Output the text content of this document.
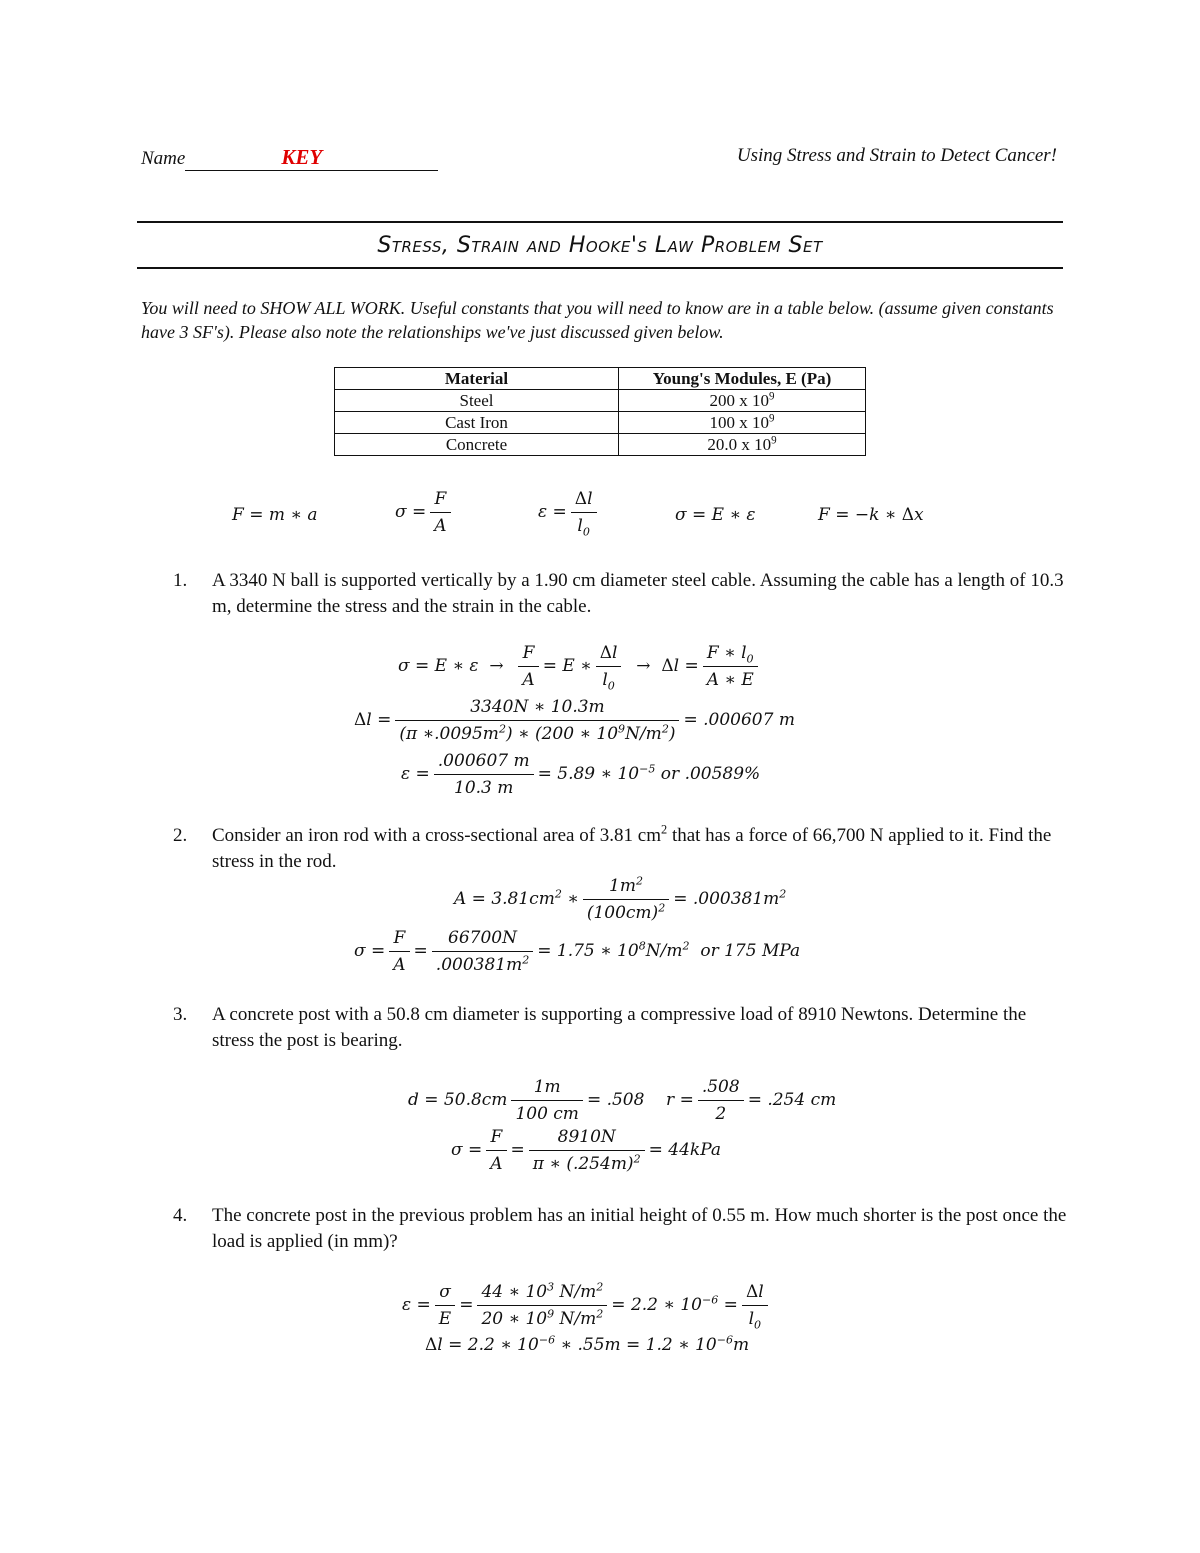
Name	KEY	Using Stress and Strain to Detect Cancer!
Stress, Strain and Hooke's Law Problem Set
You will need to SHOW ALL WORK. Useful constants that you will need to know are in a table below. (assume given constants have 3 SF's). Please also note the relationships we've just discussed given below.
Material	Young's Modules, E (Pa)
Steel	200 x $10^9$
Cast Iron	100 x $10^9$
Concrete	20.0 x $10^9$
F = m ∗ a	$\sigma = \frac{F}{A}$	$\varepsilon = \frac{\Delta l}{l_0}$	σ = E ∗ ε	F = −k ∗ Δx
1.	A 3340 N ball is supported vertically by a 1.90 cm diameter steel cable. Assuming the cable has a length of 10.3 m, determine the stress and the strain in the cable.
σ = E ∗ $\varepsilon \to \frac{F}{A} = E$ ∗ $\frac{\Delta l}{l_0} \to \Delta l = \frac{F ∗ l_0}{A ∗ E}$
$\Delta l = \frac{3340N ∗ 10.3m}{(\pi ∗.0095m^2) ∗ (200 ∗ 10^9N/m^2)} = .000607$ m
$\varepsilon = \frac{.000607 m}{10.3 m} = 5.89$ ∗ $10^{-5}$ or .00589%
2.	Consider an iron rod with a cross-sectional area of 3.81 $cm^2$ that has a force of 66,700 N applied to it. Find the stress in the rod.
$A = 3.81cm^2$ ∗ $\frac{1m^2}{(100cm)^2} = .000381m^2$
$\sigma = \frac{F}{A} = \frac{66700N}{.000381m^2} = 1.75$ ∗ $10^8N/m^2$  or 175 MPa
3.	A concrete post with a 50.8 cm diameter is supporting a compressive load of 8910 Newtons. Determine the stress the post is bearing.
$d = 50.8cm \frac{1m}{100 cm} = .508$    $r = \frac{.508}{2} = .254$ cm
$\sigma = \frac{F}{A} = \frac{8910N}{\pi ∗ (.254m)^2} = 44kPa$
4.	The concrete post in the previous problem has an initial height of 0.55 m. How much shorter is the post once the load is applied (in mm)?
$\varepsilon = \frac{\sigma}{E} = \frac{44 ∗ 10^3 N/m^2}{20 ∗ 10^9 N/m^2} = 2.2$ ∗ $10^{-6} = \frac{\Delta l}{l_0}$
Δl = 2.2 ∗ $10^{-6}$ ∗ .55m = 1.2 ∗ $10^{-6}m$
